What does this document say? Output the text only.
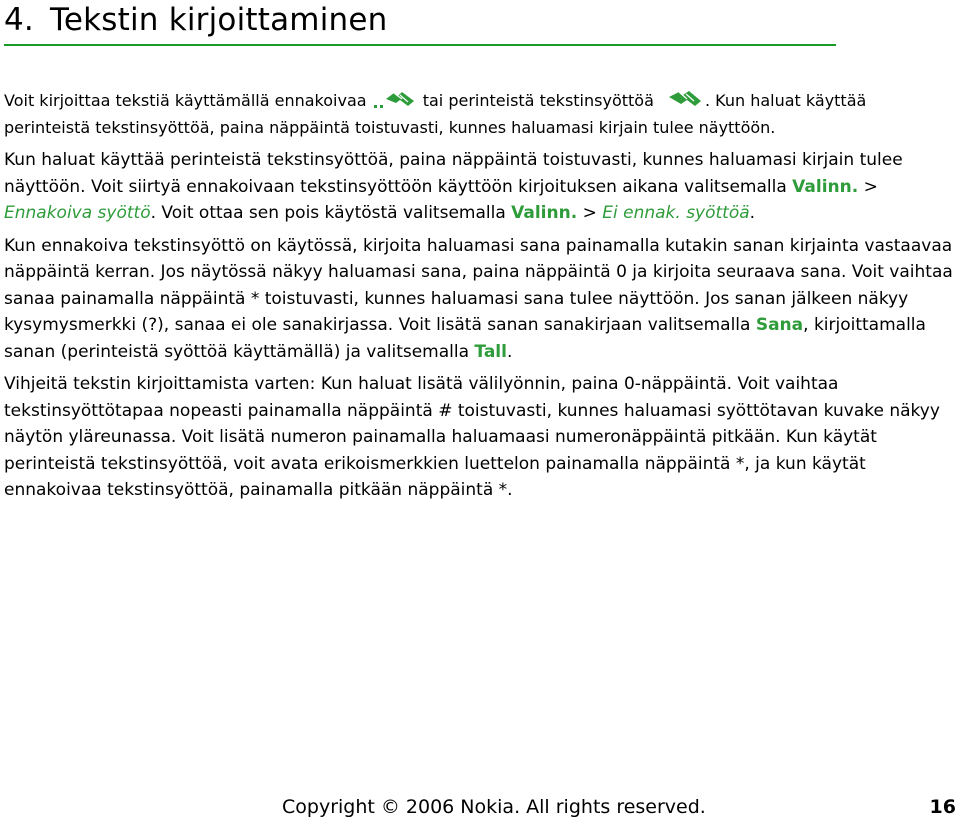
4. Tekstin kirjoittaminen

Voit kirjoittaa tekstiä käyttämällä ennakoivaa	tai perinteistä tekstinsyöttöä	. Kun haluat käyttää perinteistä tekstinsyöttöä, paina näppäintä toistuvasti, kunnes haluamasi kirjain tulee näyttöön.

Kun haluat käyttää perinteistä tekstinsyöttöä, paina näppäintä toistuvasti, kunnes haluamasi kirjain tulee näyttöön. Voit siirtyä ennakoivaan tekstinsyöttöön käyttöön kirjoituksen aikana valitsemalla Valinn. > Ennakoiva syöttö. Voit ottaa sen pois käytöstä valitsemalla Valinn. > Ei ennak. syöttöä.

Kun ennakoiva tekstinsyöttö on käytössä, kirjoita haluamasi sana painamalla kutakin sanan kirjainta vastaavaa näppäintä kerran. Jos näytössä näkyy haluamasi sana, paina näppäintä 0 ja kirjoita seuraava sana. Voit vaihtaa sanaa painamalla näppäintä * toistuvasti, kunnes haluamasi sana tulee näyttöön. Jos sanan jälkeen näkyy kysymysmerkki (?), sanaa ei ole sanakirjassa. Voit lisätä sanan sanakirjaan valitsemalla Sana, kirjoittamalla sanan (perinteistä syöttöä käyttämällä) ja valitsemalla Tall.

Vihjeitä tekstin kirjoittamista varten: Kun haluat lisätä välilyönnin, paina 0-näppäintä. Voit vaihtaa tekstinsyöttötapaa nopeasti painamalla näppäintä # toistuvasti, kunnes haluamasi syöttötavan kuvake näkyy näytön yläreunassa. Voit lisätä numeron painamalla haluamaasi numeronäppäintä pitkään. Kun käytät perinteistä tekstinsyöttöä, voit avata erikoismerkkien luettelon painamalla näppäintä *, ja kun käytät ennakoivaa tekstinsyöttöä, painamalla pitkään näppäintä *.

Copyright © 2006 Nokia. All rights reserved.	16
